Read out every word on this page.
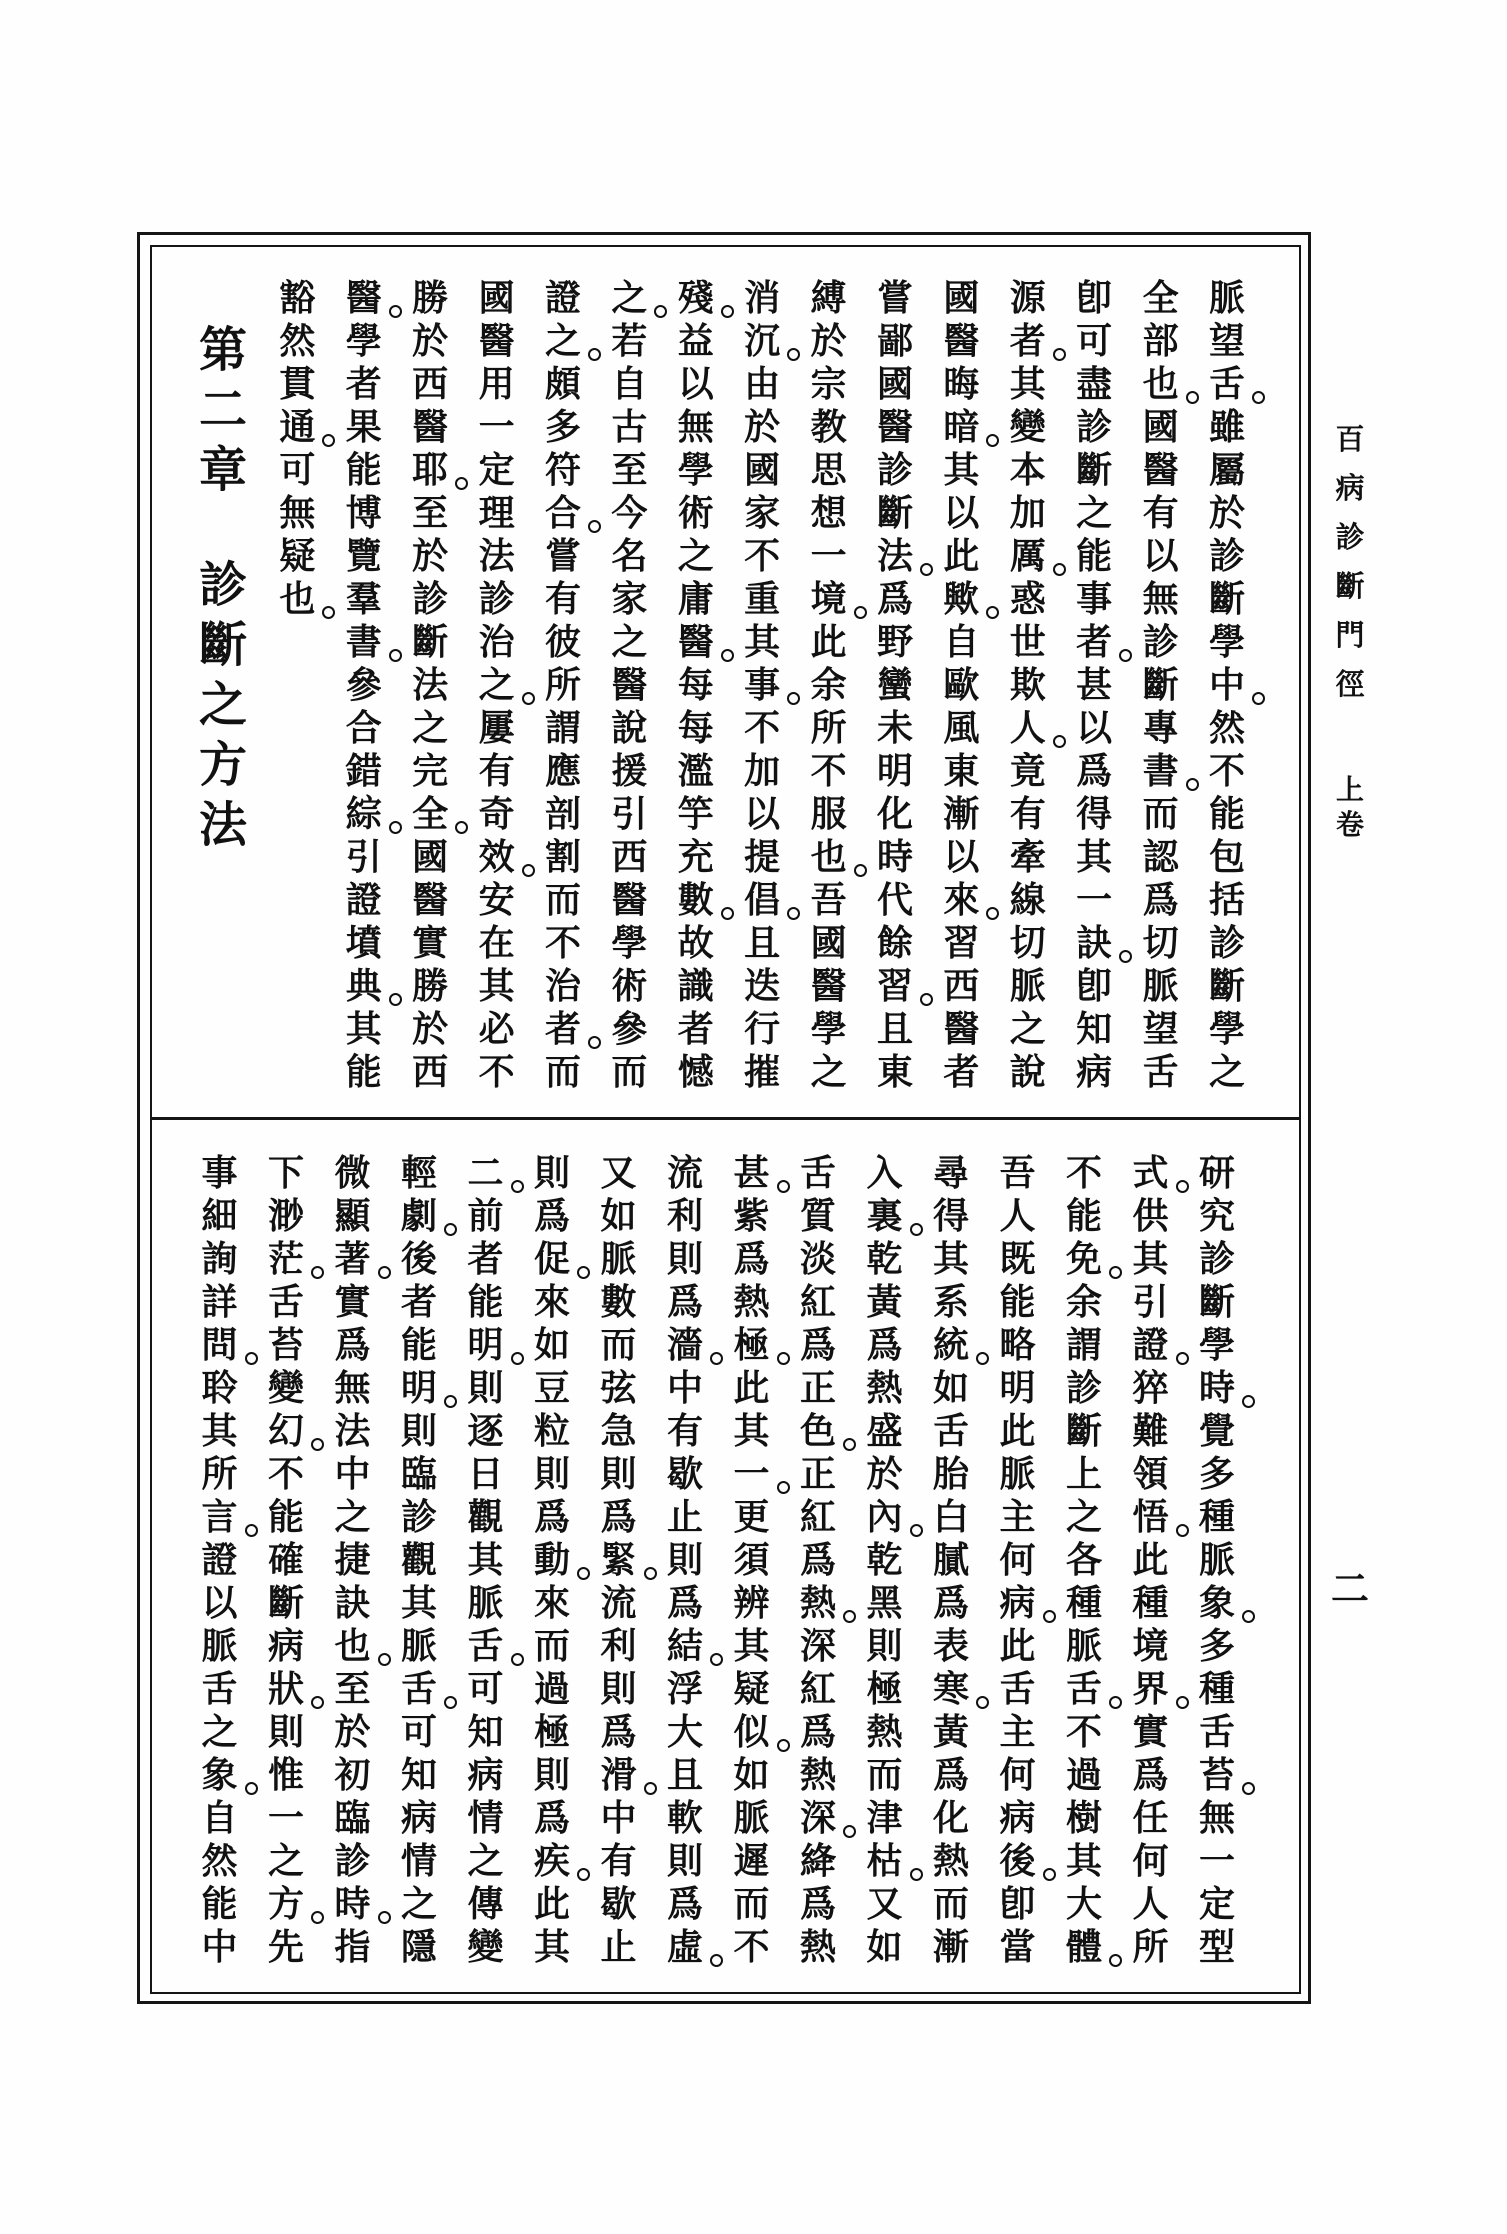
百
病
診
斷
門
徑
上
卷
二
脈
望
舌
雖
屬
於
診
斷
學
中
然
不
能
包
括
診
斷
學
之
全
部
也
國
醫
有
以
無
診
斷
專
書
而
認
爲
切
脈
望
舌
卽
可
盡
診
斷
之
能
事
者
甚
以
爲
得
其
一
訣
卽
知
病
源
者
其
變
本
加
厲
惑
世
欺
人
竟
有
牽
線
切
脈
之
說
國
醫
晦
暗
其
以
此
歟
自
歐
風
東
漸
以
來
習
西
醫
者
嘗
鄙
國
醫
診
斷
法
爲
野
蠻
未
明
化
時
代
餘
習
且
東
縛
於
宗
教
思
想
一
境
此
余
所
不
服
也
吾
國
醫
學
之
消
沉
由
於
國
家
不
重
其
事
不
加
以
提
倡
且
迭
行
摧
殘
益
以
無
學
術
之
庸
醫
每
每
濫
竽
充
數
故
識
者
憾
之
若
自
古
至
今
名
家
之
醫
說
援
引
西
醫
學
術
參
而
證
之
頗
多
符
合
嘗
有
彼
所
謂
應
剖
割
而
不
治
者
而
國
醫
用
一
定
理
法
診
治
之
屢
有
奇
效
安
在
其
必
不
勝
於
西
醫
耶
至
於
診
斷
法
之
完
全
國
醫
實
勝
於
西
醫
學
者
果
能
博
覽
羣
書
參
合
錯
綜
引
證
墳
典
其
能
豁
然
貫
通
可
無
疑
也
第
二
章
診
斷
之
方
法
研
究
診
斷
學
時
覺
多
種
脈
象
多
種
舌
苔
無
一
定
型
式
供
其
引
證
猝
難
領
悟
此
種
境
界
實
爲
任
何
人
所
不
能
免
余
謂
診
斷
上
之
各
種
脈
舌
不
過
樹
其
大
體
吾
人
既
能
略
明
此
脈
主
何
病
此
舌
主
何
病
後
卽
當
尋
得
其
系
統
如
舌
胎
白
膩
爲
表
寒
黃
爲
化
熱
而
漸
入
裏
乾
黃
爲
熱
盛
於
內
乾
黑
則
極
熱
而
津
枯
又
如
舌
質
淡
紅
爲
正
色
正
紅
爲
熱
深
紅
爲
熱
深
絳
爲
熱
甚
紫
爲
熱
極
此
其
一
更
須
辨
其
疑
似
如
脈
遲
而
不
流
利
則
爲
濇
中
有
歇
止
則
爲
結
浮
大
且
軟
則
爲
虛
又
如
脈
數
而
弦
急
則
爲
緊
流
利
則
爲
滑
中
有
歇
止
則
爲
促
來
如
豆
粒
則
爲
動
來
而
過
極
則
爲
疾
此
其
二
前
者
能
明
則
逐
日
觀
其
脈
舌
可
知
病
情
之
傳
變
輕
劇
後
者
能
明
則
臨
診
觀
其
脈
舌
可
知
病
情
之
隱
微
顯
著
實
爲
無
法
中
之
捷
訣
也
至
於
初
臨
診
時
指
下
渺
茫
舌
苔
變
幻
不
能
確
斷
病
狀
則
惟
一
之
方
先
事
細
詢
詳
問
聆
其
所
言
證
以
脈
舌
之
象
自
然
能
中
